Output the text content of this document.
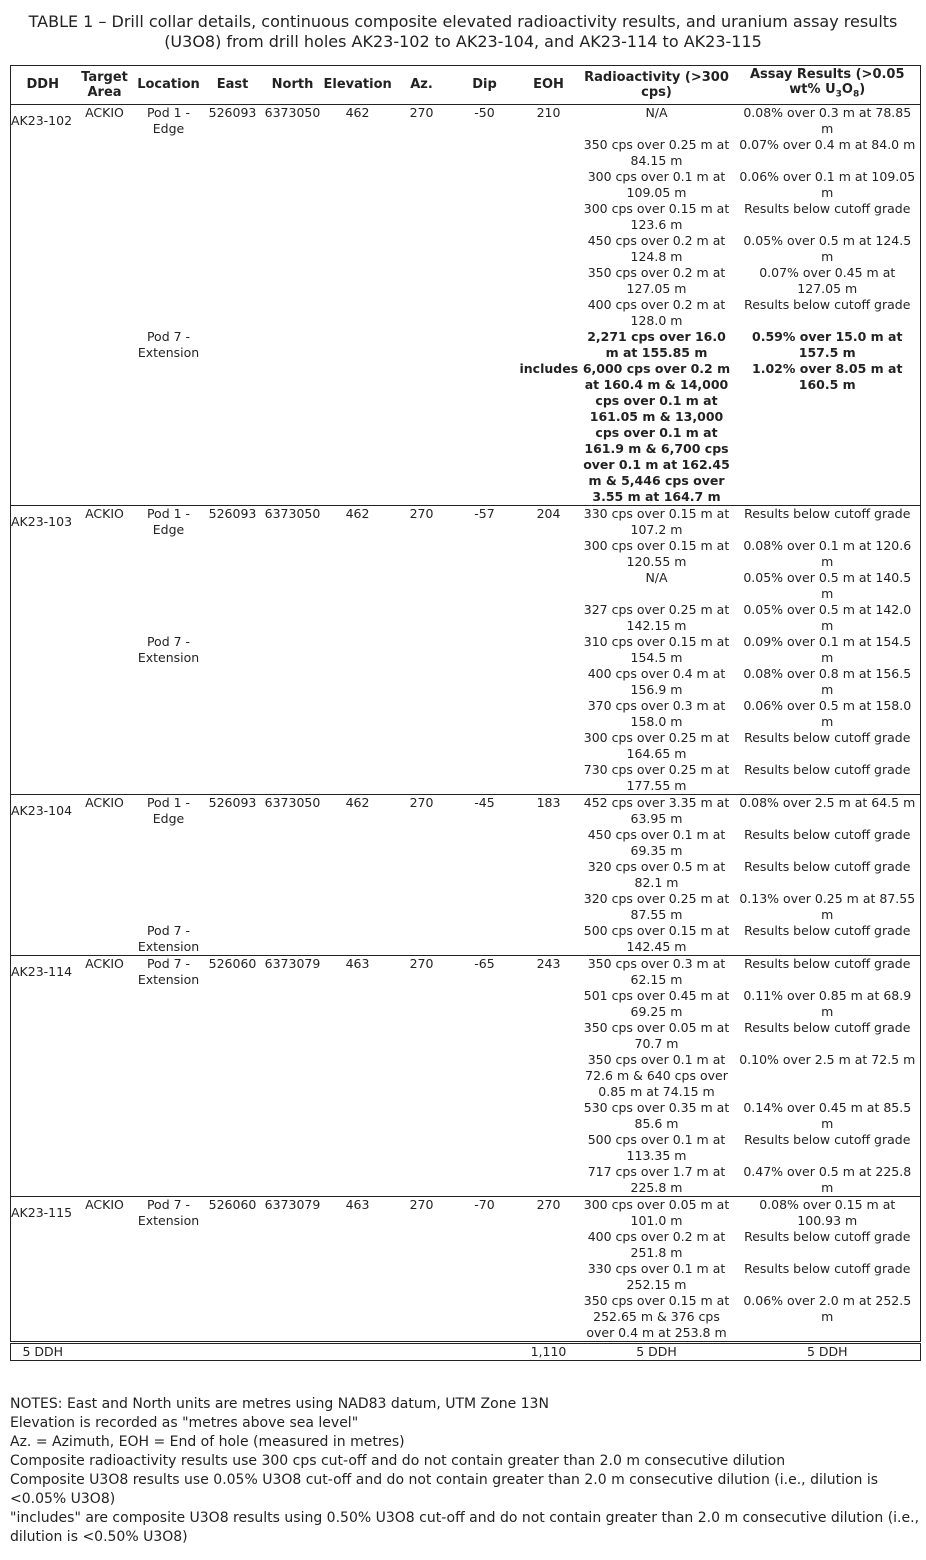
TABLE 1 – Drill collar details, continuous composite elevated radioactivity results, and uranium assay results

(U3O8) from drill holes AK23-102 to AK23-104, and AK23-114 to AK23-115

DDH	Target Area	Location	East	North	Elevation	Az.	Dip	EOH	Radioactivity (>300 cps)	Assay Results (>0.05 wt% $U_3O_8$)

AK23-102	ACKIO	Pod 1 - Edge	526093	6373050	462	270	-50	210	N/A	0.08% over 0.3 m at 78.85 m

									350 cps over 0.25 m at 84.15 m	0.07% over 0.4 m at 84.0 m

									300 cps over 0.1 m at 109.05 m	0.06% over 0.1 m at 109.05 m

									300 cps over 0.15 m at 123.6 m	Results below cutoff grade

									450 cps over 0.2 m at 124.8 m	0.05% over 0.5 m at 124.5 m

									350 cps over 0.2 m at 127.05 m	0.07% over 0.45 m at 127.05 m

									400 cps over 0.2 m at 128.0 m	Results below cutoff grade

		Pod 7 - Extension							2,271 cps over 16.0 m at 155.85 m	0.59% over 15.0 m at 157.5 m

								includes	6,000 cps over 0.2 m at 160.4 m & 14,000 cps over 0.1 m at 161.05 m & 13,000 cps over 0.1 m at 161.9 m & 6,700 cps over 0.1 m at 162.45 m & 5,446 cps over 3.55 m at 164.7 m	1.02% over 8.05 m at 160.5 m

AK23-103	ACKIO	Pod 1 - Edge	526093	6373050	462	270	-57	204	330 cps over 0.15 m at 107.2 m	Results below cutoff grade

									300 cps over 0.15 m at 120.55 m	0.08% over 0.1 m at 120.6 m

									N/A	0.05% over 0.5 m at 140.5 m

									327 cps over 0.25 m at 142.15 m	0.05% over 0.5 m at 142.0 m

		Pod 7 - Extension							310 cps over 0.15 m at 154.5 m	0.09% over 0.1 m at 154.5 m

									400 cps over 0.4 m at 156.9 m	0.08% over 0.8 m at 156.5 m

									370 cps over 0.3 m at 158.0 m	0.06% over 0.5 m at 158.0 m

									300 cps over 0.25 m at 164.65 m	Results below cutoff grade

									730 cps over 0.25 m at 177.55 m	Results below cutoff grade

AK23-104	ACKIO	Pod 1 - Edge	526093	6373050	462	270	-45	183	452 cps over 3.35 m at 63.95 m	0.08% over 2.5 m at 64.5 m

									450 cps over 0.1 m at 69.35 m	Results below cutoff grade

									320 cps over 0.5 m at 82.1 m	Results below cutoff grade

									320 cps over 0.25 m at 87.55 m	0.13% over 0.25 m at 87.55 m

		Pod 7 - Extension							500 cps over 0.15 m at 142.45 m	Results below cutoff grade

AK23-114	ACKIO	Pod 7 - Extension	526060	6373079	463	270	-65	243	350 cps over 0.3 m at 62.15 m	Results below cutoff grade

									501 cps over 0.45 m at 69.25 m	0.11% over 0.85 m at 68.9 m

									350 cps over 0.05 m at 70.7 m	Results below cutoff grade

									350 cps over 0.1 m at 72.6 m & 640 cps over 0.85 m at 74.15 m	0.10% over 2.5 m at 72.5 m

									530 cps over 0.35 m at 85.6 m	0.14% over 0.45 m at 85.5 m

									500 cps over 0.1 m at 113.35 m	Results below cutoff grade

									717 cps over 1.7 m at 225.8 m	0.47% over 0.5 m at 225.8 m

AK23-115	ACKIO	Pod 7 - Extension	526060	6373079	463	270	-70	270	300 cps over 0.05 m at 101.0 m	0.08% over 0.15 m at 100.93 m

									400 cps over 0.2 m at 251.8 m	Results below cutoff grade

									330 cps over 0.1 m at 252.15 m	Results below cutoff grade

									350 cps over 0.15 m at 252.65 m & 376 cps over 0.4 m at 253.8 m	0.06% over 2.0 m at 252.5 m
5 DDH								1,110	5 DDH	5 DDH

NOTES: East and North units are metres using NAD83 datum, UTM Zone 13N

Elevation is recorded as "metres above sea level"

Az. = Azimuth, EOH = End of hole (measured in metres)

Composite radioactivity results use 300 cps cut-off and do not contain greater than 2.0 m consecutive dilution

Composite U3O8 results use 0.05% U3O8 cut-off and do not contain greater than 2.0 m consecutive dilution (i.e., dilution is <0.05% U3O8)

"includes" are composite U3O8 results using 0.50% U3O8 cut-off and do not contain greater than 2.0 m consecutive dilution (i.e., dilution is <0.50% U3O8)
